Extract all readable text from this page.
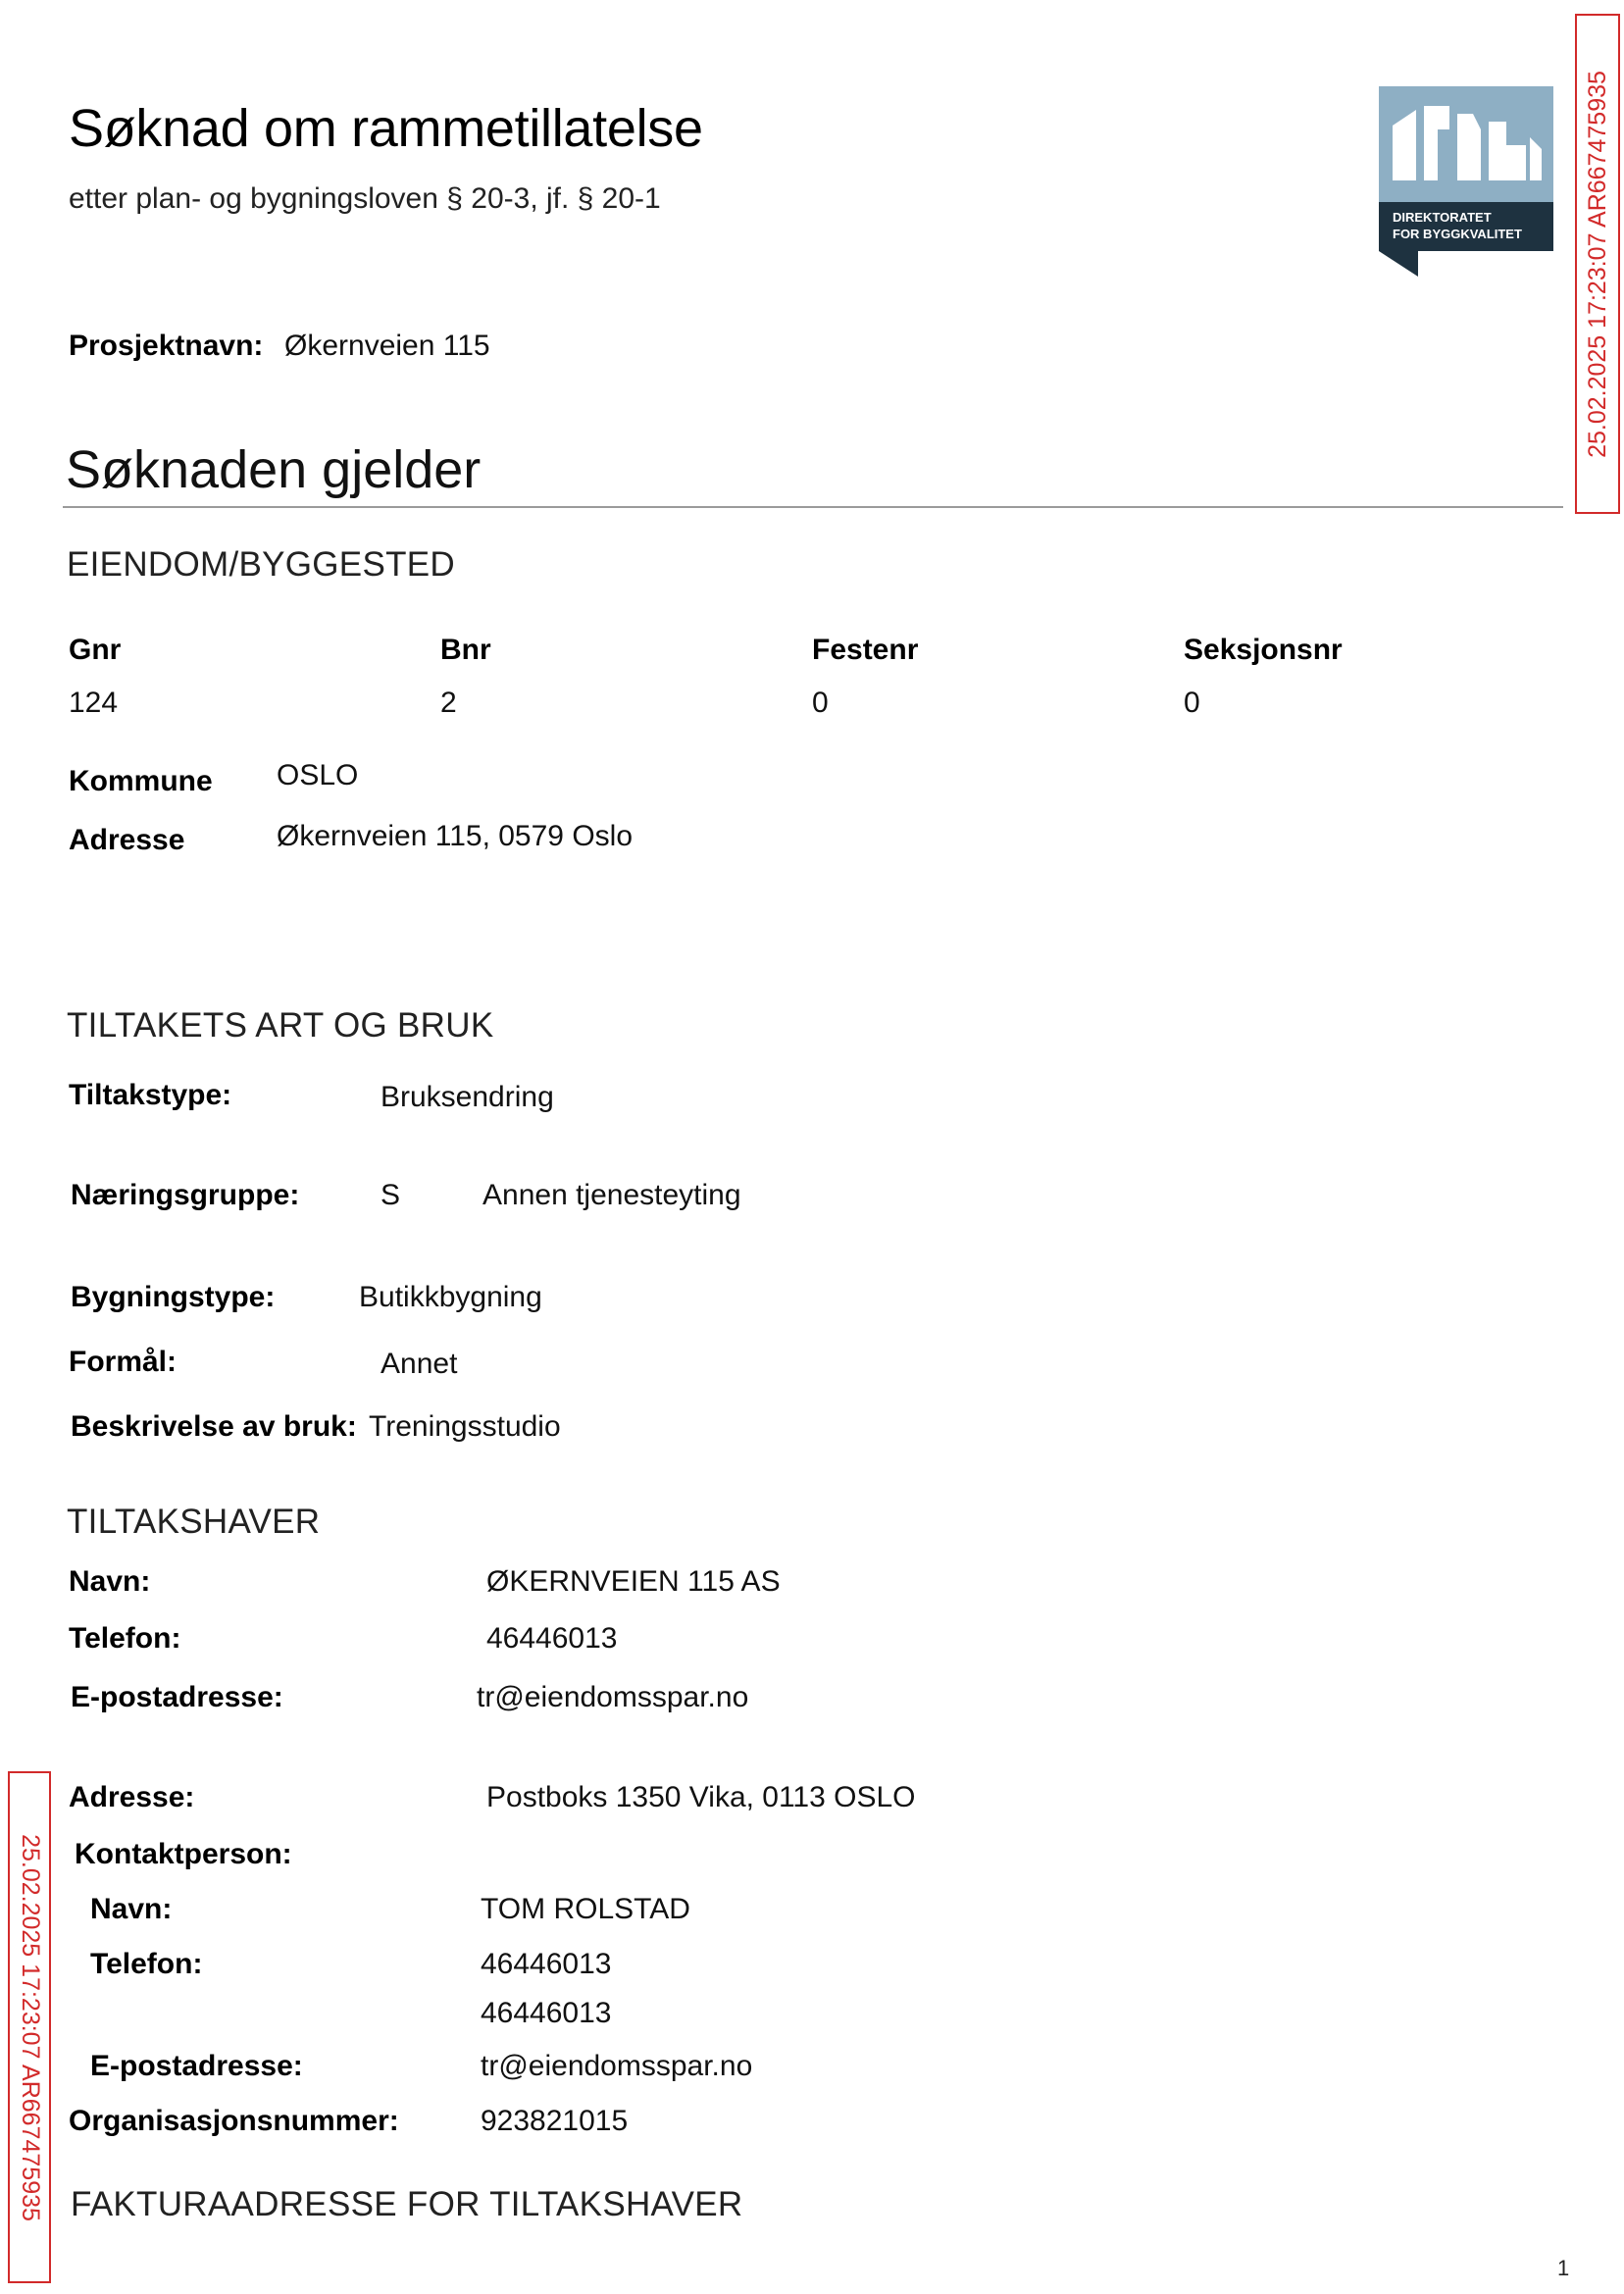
Søknad om rammetillatelse
etter plan- og bygningsloven § 20-3, jf. § 20-1
DIREKTORATET
FOR BYGGKVALITET	25.02.2025 17:23:07 AR667475935
25.02.2025 17:23:07 AR667475935
Prosjektnavn: Økernveien 115
Søknaden gjelder
EIENDOM/BYGGESTED
Gnr	Bnr	Festenr	Seksjonsnr
124	2	0	0
Kommune OSLO
Adresse	Økernveien 115, 0579 Oslo
TILTAKETS ART OG BRUK
Tiltakstype:	Bruksendring
Næringsgruppe:	S	Annen tjenesteyting
Bygningstype:	Butikkbygning
Formål:	Annet
Beskrivelse av bruk: Treningsstudio
TILTAKSHAVER
Navn:	ØKERNVEIEN 115 AS
Telefon:	46446013
E-postadresse:	tr@eiendomsspar.no
Adresse:	Postboks 1350 Vika, 0113 OSLO
Kontaktperson:
Navn:	TOM ROLSTAD
Telefon:	46446013
46446013
E-postadresse:	tr@eiendomsspar.no
Organisasjonsnummer:	923821015
FAKTURAADRESSE FOR TILTAKSHAVER
1
